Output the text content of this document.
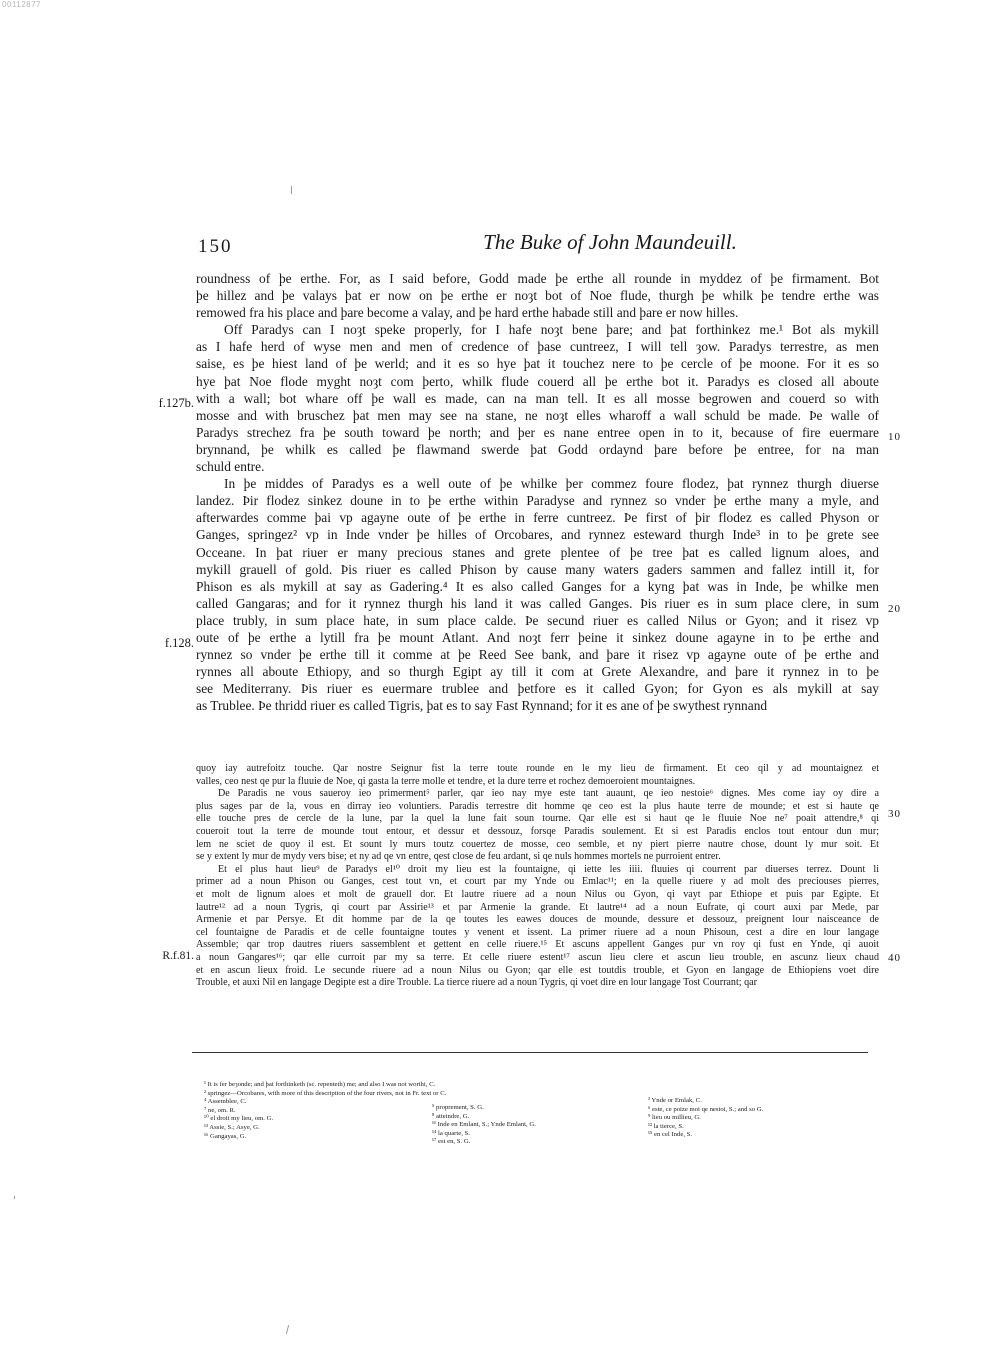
00112877
150	The Buke of John Maundeuill.
roundness of þe erthe. For, as I said before, Godd made þe erthe all rounde in myddez of þe firmament. Bot
þe hillez and þe valays þat er now on þe erthe er noȝt bot of Noe flude, thurgh þe whilk þe tendre erthe was
remowed fra his place and þare become a valay, and þe hard erthe habade still and þare er now hilles.
Off Paradys can I noȝt speke properly, for I hafe noȝt bene þare; and þat forthinkez me.¹ Bot als mykill
as I hafe herd of wyse men and men of credence of þase cuntreez, I will tell ȝow. Paradys terrestre, as men
saise, es þe hiest land of þe werld; and it es so hye þat it touchez nere to þe cercle of þe moone. For it es so
hye þat Noe flode myght noȝt com þerto, whilk flude couerd all þe erthe bot it. Paradys es closed all aboute
with a wall; bot whare off þe wall es made, can na man tell. It es all mosse begrowen and couerd so with
mosse and with bruschez þat men may see na stane, ne noȝt elles wharoff a wall schuld be made. Þe walle of
Paradys strechez fra þe south toward þe north; and þer es nane entree open in to it, because of fire euermare
brynnand, þe whilk es called þe flawmand swerde þat Godd ordaynd þare before þe entree, for na man
schuld entre.
In þe middes of Paradys es a well oute of þe whilke þer commez foure flodez, þat rynnez thurgh diuerse
landez. Þir flodez sinkez doune in to þe erthe within Paradyse and rynnez so vnder þe erthe many a myle, and
afterwardes comme þai vp agayne oute of þe erthe in ferre cuntreez. Þe first of þir flodez es called Physon or
Ganges, springez² vp in Inde vnder þe hilles of Orcobares, and rynnez esteward thurgh Inde³ in to þe grete see
Occeane. In þat riuer er many precious stanes and grete plentee of þe tree þat es called lignum aloes, and
mykill grauell of gold. Þis riuer es called Phison by cause many waters gaders sammen and fallez intill it, for
Phison es als mykill at say as Gadering.⁴ It es also called Ganges for a kyng þat was in Inde, þe whilke men
called Gangaras; and for it rynnez thurgh his land it was called Ganges. Þis riuer es in sum place clere, in sum
place trubly, in sum place hate, in sum place calde. Þe secund riuer es called Nilus or Gyon; and it risez vp
oute of þe erthe a lytill fra þe mount Atlant. And noȝt ferr þeine it sinkez doune agayne in to þe erthe and
rynnez so vnder þe erthe till it comme at þe Reed See bank, and þare it risez vp agayne oute of þe erthe and
rynnes all aboute Ethiopy, and so thurgh Egipt ay till it com at Grete Alexandre, and þare it rynnez in to þe
see Mediterrany. Þis riuer es euermare trublee and þetfore es it called Gyon; for Gyon es als mykill at say
as Trublee. Þe thridd riuer es called Tigris, þat es to say Fast Rynnand; for it es ane of þe swythest rynnand
f.127b.
f.128.
10
20
quoy iay autrefoitz touche. Qar nostre Seignur fist la terre toute rounde en le my lieu de firmament. Et ceo qil y ad mountaignez et
valles, ceo nest qe pur la fluuie de Noe, qi gasta la terre molle et tendre, et la dure terre et rochez demoeroient mountaignes.
De Paradis ne vous saueroy ieo primerment⁵ parler, qar ieo nay mye este tant auaunt, qe ieo nestoie⁶ dignes. Mes come iay oy dire a
plus sages par de la, vous en dirray ieo voluntiers. Paradis terrestre dit homme qe ceo est la plus haute terre de mounde; et est si haute qe
elle touche pres de cercle de la lune, par la quel la lune fait soun tourne. Qar elle est si haut qe le fluuie Noe ne⁷ poait attendre,⁸ qi
coueroit tout la terre de mounde tout entour, et dessur et dessouz, forsqe Paradis soulement. Et si est Paradis enclos tout entour dun mur;
lem ne sciet de quoy il est. Et sount ly murs toutz couertez de mosse, ceo semble, et ny piert pierre nautre chose, dount ly mur soit. Et
se y extent ly mur de mydy vers bise; et ny ad qe vn entre, qest close de feu ardant, si qe nuls hommes mortels ne purroient entrer.
Et el plus haut lieu⁹ de Paradys el¹⁰ droit my lieu est la fountaigne, qi iette les iiii. fluuies qi courrent par diuerses terrez. Dount li
primer ad a noun Phison ou Ganges, cest tout vn, et court par my Ynde ou Emlac¹¹; en la quelle riuere y ad molt des preciouses pierres,
et molt de lignum aloes et molt de grauell dor. Et lautre riuere ad a noun Nilus ou Gyon, qi vayt par Ethiope et puis par Egipte. Et
lautre¹² ad a noun Tygris, qi court par Assirie¹³ et par Armenie la grande. Et lautre¹⁴ ad a noun Eufrate, qi court auxi par Mede, par
Armenie et par Persye. Et dit homme par de la qe toutes les eawes douces de mounde, dessure et dessouz, preignent lour naisceance de
cel fountaigne de Paradis et de celle fountaigne toutes y venent et issent. La primer riuere ad a noun Phisoun, cest a dire en lour langage
Assemble; qar trop dautres riuers sassemblent et gettent en celle riuere.¹⁵ Et ascuns appellent Ganges pur vn roy qi fust en Ynde, qi auoit
a noun Gangares¹⁶; qar elle curroit par my sa terre. Et celle riuere estent¹⁷ ascun lieu clere et ascun lieu trouble, en ascunz lieux chaud
et en ascun lieux froid. Le secunde riuere ad a noun Nilus ou Gyon; qar elle est toutdis trouble, et Gyon en langage de Ethiopiens voet dire
Trouble, et auxi Nil en langage Degipte est a dire Trouble. La tierce riuere ad a noun Tygris, qi voet dire en lour langage Tost Courrant; qar
R.f.81.
30
40
¹ It is fer beȝonde; and þat forthinketh (sc. repenteth) me; and also I was not worthi, C.
² springez—Orcobares, with more of this description of the four rivers, not in Fr. text or C.
⁴ Assemblee, C.
⁷ ne, om. R.
¹⁰ el droit my lieu, om. G.
¹³ Assie, S.; Asye, G.
¹⁶ Gangayas, G.
⁵ proprement, S. G.
⁸ atteindre, G.
¹¹ Inde en Emlant, S.; Ynde Emlant, G.
¹⁴ la quarte, S.
¹⁷ est en, S. G.
³ Ynde or Emlak, C.
⁶ este, ce poize moi qe nestoi, S.; and so G.
⁹ lieu ou millieu, G.
¹² la tierce, S.
¹⁵ en cel Inde, S.
